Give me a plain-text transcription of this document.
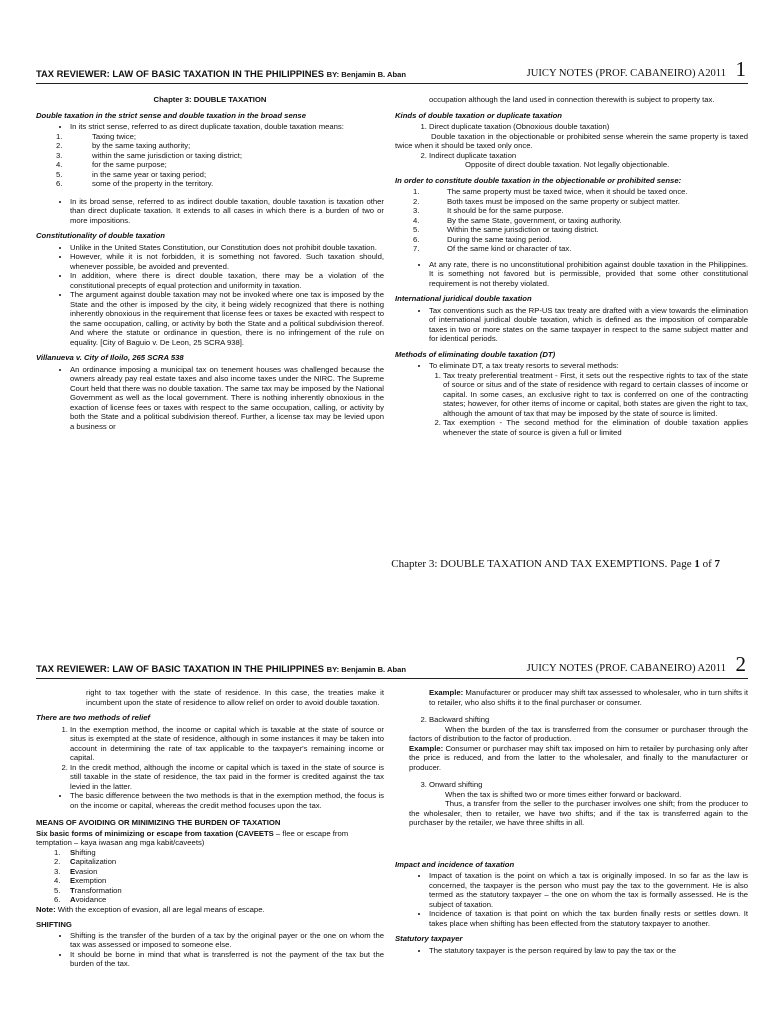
TAX REVIEWER: LAW OF BASIC TAXATION IN THE PHILIPPINES BY: Benjamin B. Aban	JUICY NOTES (PROF. CABANEIRO) A2011 1
Chapter 3: DOUBLE TAXATION
Double taxation in the strict sense and double taxation in the broad sense
• In its strict sense, referred to as direct duplicate taxation, double taxation means:
1.	Taxing twice;
2.	by the same taxing authority;
3.	within the same jurisdiction or taxing district;
4.	for the same purpose;
5.	in the same year or taxing period;
6.	some of the property in the territory.
• In its broad sense, referred to as indirect double taxation, double taxation is taxation other than direct duplicate taxation. It extends to all cases in which there is a burden of two or more impositions.
Constitutionality of double taxation
• Unlike in the United States Constitution, our Constitution does not prohibit double taxation.
• However, while it is not forbidden, it is something not favored. Such taxation should, whenever possible, be avoided and prevented.
• In addition, where there is direct double taxation, there may be a violation of the constitutional precepts of equal protection and uniformity in taxation.
• The argument against double taxation may not be invoked where one tax is imposed by the State and the other is imposed by the city, it being widely recognized that there is nothing inherently obnoxious in the requirement that license fees or taxes be exacted with respect to the same occupation, calling, or activity by both the State and a political subdivision thereof. And where the statute or ordinance in question, there is no infringement of the rule on equality. [City of Baguio v. De Leon, 25 SCRA 938].
Villanueva v. City of Iloilo, 265 SCRA 538
• An ordinance imposing a municipal tax on tenement houses was challenged because the owners already pay real estate taxes and also income taxes under the NIRC. The Supreme Court held that there was no double taxation. The same tax may be imposed by the National Government as well as the local government. There is nothing inherently obnoxious in the exaction of license fees or taxes with respect to the same occupation, calling, or activity by both the State and a political subdivision thereof. Further, a license tax may be levied upon a business or

occupation although the land used in connection therewith is subject to property tax.

Kinds of double taxation or duplicate taxation
1. Direct duplicate taxation (Obnoxious double taxation)
Double taxation in the objectionable or prohibited sense wherein the same property is taxed twice when it should be taxed only once.
2. Indirect duplicate taxation
Opposite of direct double taxation. Not legally objectionable.
In order to constitute double taxation in the objectionable or prohibited sense:
1.	The same property must be taxed twice, when it should be taxed once.
2.	Both taxes must be imposed on the same property or subject matter.
3.	It should be for the same purpose.
4.	By the same State, government, or taxing authority.
5.	Within the same jurisdiction or taxing district.
6.	During the same taxing period.
7.	Of the same kind or character of tax.
• At any rate, there is no unconstitutional prohibition against double taxation in the Philippines. It is something not favored but is permissible, provided that some other constitutional requirement is not thereby violated.
International juridical double taxation
• Tax conventions such as the RP-US tax treaty are drafted with a view towards the elimination of international juridical double taxation, which is defined as the imposition of comparable taxes in two or more states on the same taxpayer in respect to the same subject matter and for identical periods.
Methods of eliminating double taxation (DT)
• To eliminate DT, a tax treaty resorts to several methods:
1. Tax treaty preferential treatment - First, it sets out the respective rights to tax of the state of source or situs and of the state of residence with regard to certain classes of income or capital. In some cases, an exclusive right to tax is conferred on one of the contracting states; however, for other items of income or capital, both states are given the right to tax, although the amount of tax that may be imposed by the state of source is limited.
2. Tax exemption - The second method for the elimination of double taxation applies whenever the state of source is given a full or limited
Chapter 3: DOUBLE TAXATION AND TAX EXEMPTIONS. Page 1 of 7
TAX REVIEWER: LAW OF BASIC TAXATION IN THE PHILIPPINES BY: Benjamin B. Aban	JUICY NOTES (PROF. CABANEIRO) A2011 2

right to tax together with the state of residence. In this case, the treaties make it incumbent upon the state of residence to allow relief on order to avoid double taxation.

There are two methods of relief
1. In the exemption method, the income or capital which is taxable at the state of source or situs is exempted at the state of residence, although in some instances it may be taken into account in determining the rate of tax applicable to the taxpayer's remaining income or capital.
2. In the credit method, although the income or capital which is taxed in the state of source is still taxable in the state of residence, the tax paid in the former is credited against the tax levied in the latter.
• The basic difference between the two methods is that in the exemption method, the focus is on the income or capital, whereas the credit method focuses upon the tax.
MEANS OF AVOIDING OR MINIMIZING THE BURDEN OF TAXATION
Six basic forms of minimizing or escape from taxation (CAVEETS – flee or escape from temptation – kaya iwasan ang mga kabit/caveets)
1.	S hifting
2.	C apitalization
3.	E vasion
4.	E xemption
5.	T ransformation
6.	A voidance
Note: With the exception of evasion, all are legal means of escape.
SHIFTING
• Shifting is the transfer of the burden of a tax by the original payer or the one on whom the tax was assessed or imposed to someone else.
• It should be borne in mind that what is transferred is not the payment of the tax but the burden of the tax.

Example: Manufacturer or producer may shift tax assessed to wholesaler, who in turn shifts it to retailer, who also shifts it to the final purchaser or consumer.

2. Backward shifting
When the burden of the tax is transferred from the consumer or purchaser through the factors of distribution to the factor of production.
Example: Consumer or purchaser may shift tax imposed on him to retailer by purchasing only after the price is reduced, and from the latter to the wholesaler, and finally to the manufacturer or producer.
3. Onward shifting
When the tax is shifted two or more times either forward or backward.
Thus, a transfer from the seller to the purchaser involves one shift; from the producer to the wholesaler, then to retailer, we have two shifts; and if the tax is transferred again to the purchaser by the retailer, we have three shifts in all.
Impact and incidence of taxation
• Impact of taxation is the point on which a tax is originally imposed. In so far as the law is concerned, the taxpayer is the person who must pay the tax to the government. He is also termed as the statutory taxpayer – the one on whom the tax is formally assessed. He is the subject of taxation.
• Incidence of taxation is that point on which the tax burden finally rests or settles down. It takes place when shifting has been effected from the statutory taxpayer to another.
Statutory taxpayer
• The statutory taxpayer is the person required by law to pay the tax or the
